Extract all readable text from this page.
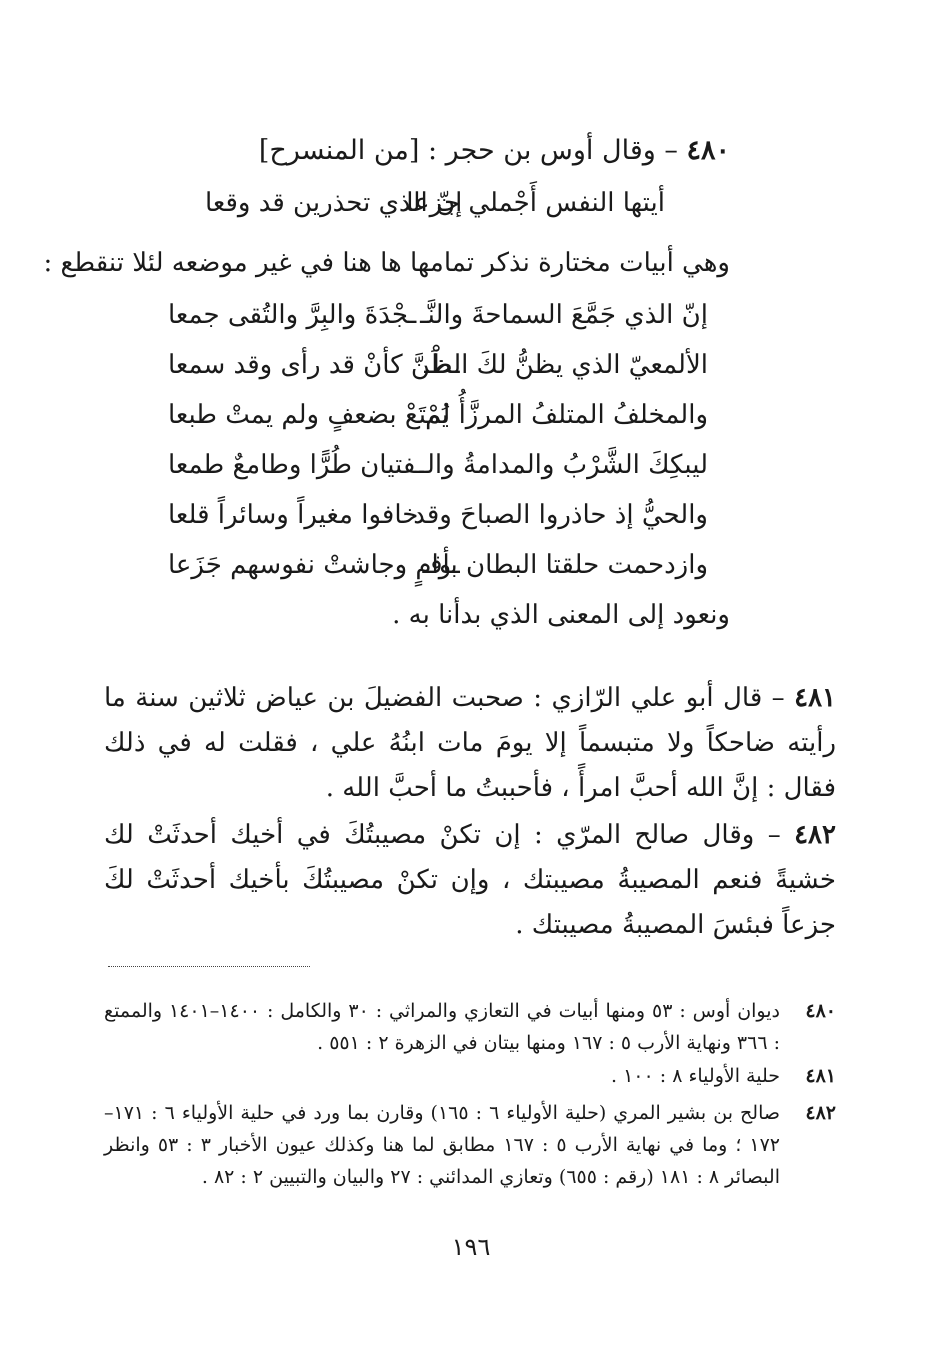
٤٨٠ – وقال أوس بن حجر : [من المنسرح]
أيتها النفس أَجْملي جزعا
إنّ الذي تحذرين قد وقعا
وهي أبيات مختارة نذكر تمامها ها هنا في غير موضعه لئلا تنقطع :
إنّ الذي جَمَّعَ السماحةَ والنَّـ
ـجْدَةَ والبِرَّ والتُقى جمعا
الألمعيّ الذي يظنُّ لكَ الظْـ
ـظَنَّ كأنْ قد رأى وقد سمعا
والمخلفُ المتلفُ المرزَّأُ لم
يُمْتَعْ بضعفٍ ولم يمتْ طبعا
ليبكِكَ الشَّرْبُ والمدامةُ والـ
ـفتيان طُرًّا وطامعٌ طمعا
والحيُّ إذ حاذروا الصباحَ وقد
خافوا مغيراً وسائراً قلعا
وازدحمت حلقتا البطان بأقـ
ـوامٍ وجاشتْ نفوسهم جَزَعا
ونعود إلى المعنى الذي بدأنا به .
٤٨١ – قال أبو علي الرّازي : صحبت الفضيلَ بن عياض ثلاثين سنة ما رأيته ضاحكاً ولا متبسماً إلا يومَ مات ابنُهُ علي ، فقلت له في ذلك فقال : إنَّ الله أحبَّ امرأً ، فأحببتُ ما أحبَّ الله .
٤٨٢ – وقال صالح المرّي : إن تكنْ مصيبتُكَ في أخيك أحدثَتْ لك خشيةً فنعم المصيبةُ مصيبتك ، وإن تكنْ مصيبتُكَ بأخيك أحدثَتْ لكَ جزعاً فبئسَ المصيبةُ مصيبتك .
٤٨٠
ديوان أوس : ٥٣ ومنها أبيات في التعازي والمراثي : ٣٠ والكامل : ١٤٠٠–١٤٠١ والممتع : ٣٦٦ ونهاية الأرب ٥ : ١٦٧ ومنها بيتان في الزهرة ٢ : ٥٥١ .
٤٨١
حلية الأولياء ٨ : ١٠٠ .
٤٨٢
صالح بن بشير المري (حلية الأولياء ٦ : ١٦٥) وقارن بما ورد في حلية الأولياء ٦ : ١٧١–١٧٢ ؛ وما في نهاية الأرب ٥ : ١٦٧ مطابق لما هنا وكذلك عيون الأخبار ٣ : ٥٣ وانظر البصائر ٨ : ١٨١ (رقم : ٦٥٥) وتعازي المدائني : ٢٧ والبيان والتبيين ٢ : ٨٢ .
١٩٦
